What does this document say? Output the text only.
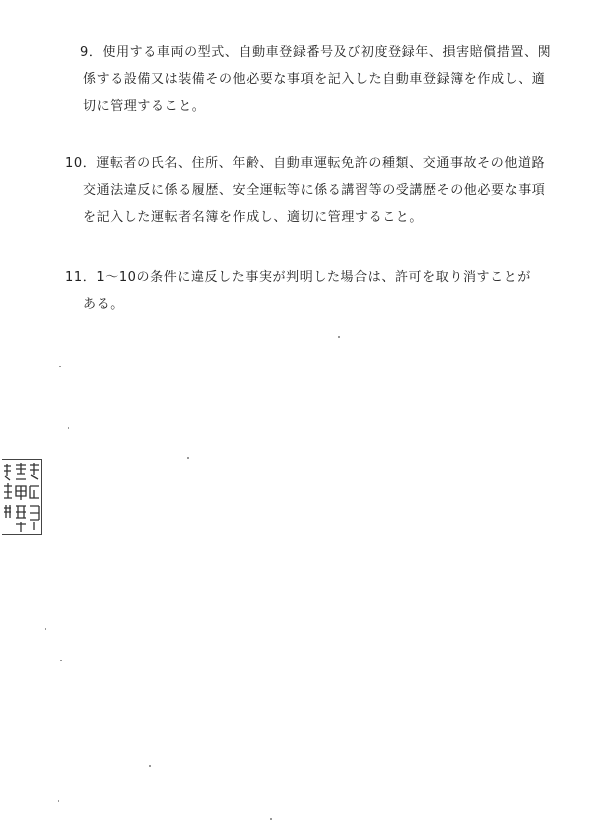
9．使用する車両の型式、自動車登録番号及び初度登録年、損害賠償措置、関
係する設備又は装備その他必要な事項を記入した自動車登録簿を作成し、適
切に管理すること。
10．運転者の氏名、住所、年齢、自動車運転免許の種類、交通事故その他道路
交通法違反に係る履歴、安全運転等に係る講習等の受講歴その他必要な事項
を記入した運転者名簿を作成し、適切に管理すること。
11．1～10の条件に違反した事実が判明した場合は、許可を取り消すことが
ある。
